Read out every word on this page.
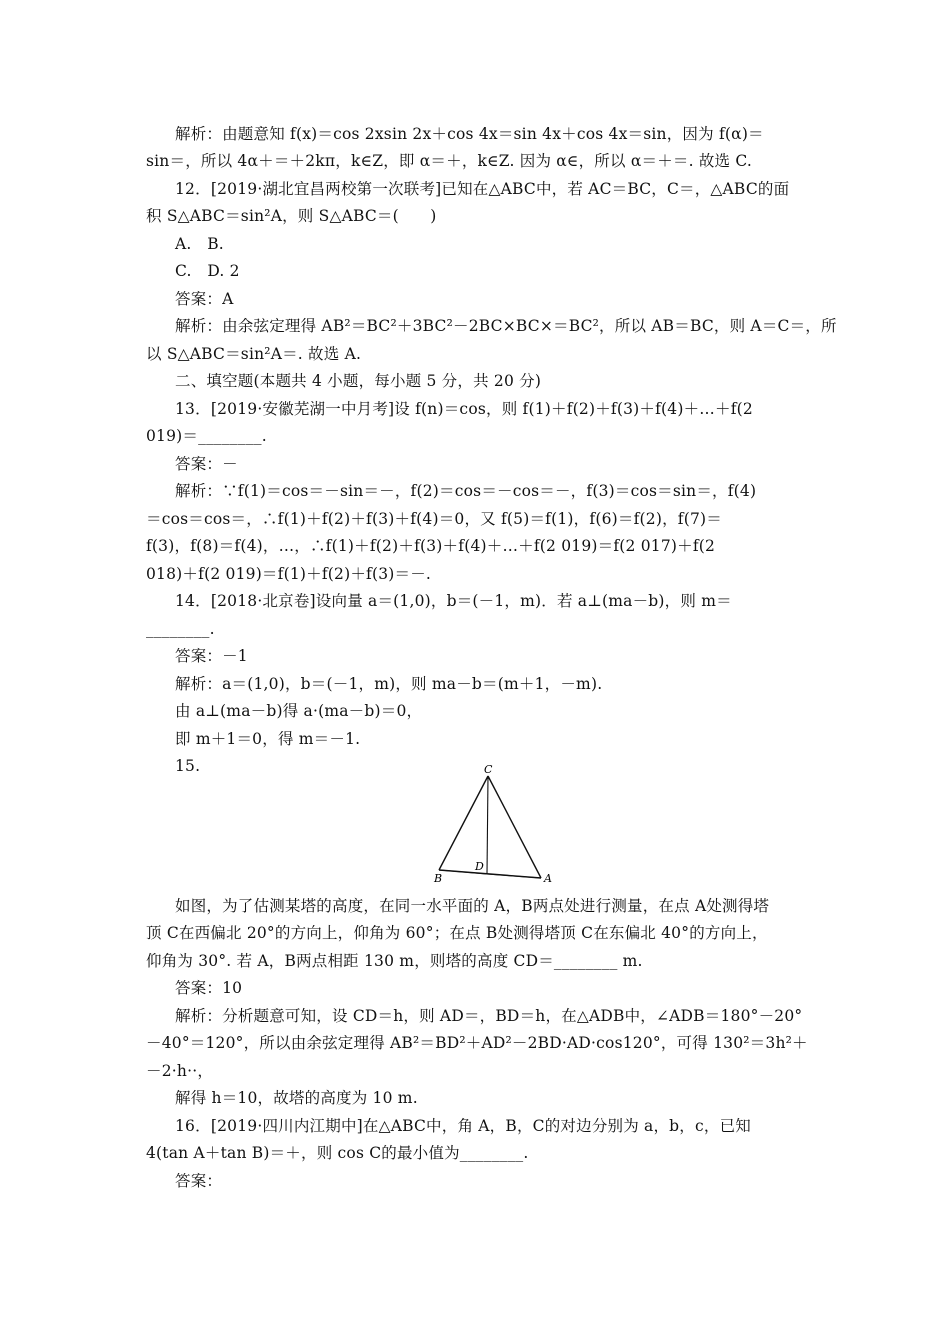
解析：由题意知 f(x)＝cos 2xsin 2x＋cos 4x＝sin 4x＋cos 4x＝sin，因为 f(α)＝
sin＝，所以 4α＋＝＋2kπ，k∈Z，即 α＝＋，k∈Z. 因为 α∈，所以 α＝＋＝. 故选 C.
12．[2019·湖北宜昌两校第一次联考]已知在△ABC中，若 AC＝BC，C＝，△ABC的面
积 S△ABC＝sin²A，则 S△ABC＝(　　)
A.　B.
C.　D. 2
答案：A
解析：由余弦定理得 AB²＝BC²＋3BC²－2BC×BC×＝BC²，所以 AB＝BC，则 A＝C＝，所
以 S△ABC＝sin²A＝. 故选 A.
二、填空题(本题共 4 小题，每小题 5 分，共 20 分)
13．[2019·安徽芜湖一中月考]设 f(n)＝cos，则 f(1)＋f(2)＋f(3)＋f(4)＋…＋f(2
019)＝________.
答案：－
解析：∵f(1)＝cos＝－sin＝－，f(2)＝cos＝－cos＝－，f(3)＝cos＝sin＝，f(4)
＝cos＝cos＝，∴f(1)＋f(2)＋f(3)＋f(4)＝0，又 f(5)＝f(1)，f(6)＝f(2)，f(7)＝
f(3)，f(8)＝f(4)，…，∴f(1)＋f(2)＋f(3)＋f(4)＋…＋f(2 019)＝f(2 017)＋f(2
018)＋f(2 019)＝f(1)＋f(2)＋f(3)＝－.
14．[2018·北京卷]设向量 a＝(1,0)，b＝(－1，m)．若 a⊥(ma－b)，则 m＝
________.
答案：－1
解析：a＝(1,0)，b＝(－1，m)，则 ma－b＝(m＋1，－m).
由 a⊥(ma－b)得 a·(ma－b)＝0，
即 m＋1＝0，得 m＝－1.
15.	C
D
A
B
如图，为了估测某塔的高度，在同一水平面的 A，B两点处进行测量，在点 A处测得塔
顶 C在西偏北 20°的方向上，仰角为 60°；在点 B处测得塔顶 C在东偏北 40°的方向上，
仰角为 30°. 若 A，B两点相距 130 m，则塔的高度 CD＝________ m.
答案：10
解析：分析题意可知，设 CD＝h，则 AD＝，BD＝h，在△ADB中，∠ADB＝180°－20°
－40°＝120°，所以由余弦定理得 AB²＝BD²＋AD²－2BD·AD·cos120°，可得 130²＝3h²＋
－2·h··，
解得 h＝10，故塔的高度为 10 m.
16．[2019·四川内江期中]在△ABC中，角 A，B，C的对边分别为 a，b，c，已知
4(tan A＋tan B)＝＋，则 cos C的最小值为________.
答案：
